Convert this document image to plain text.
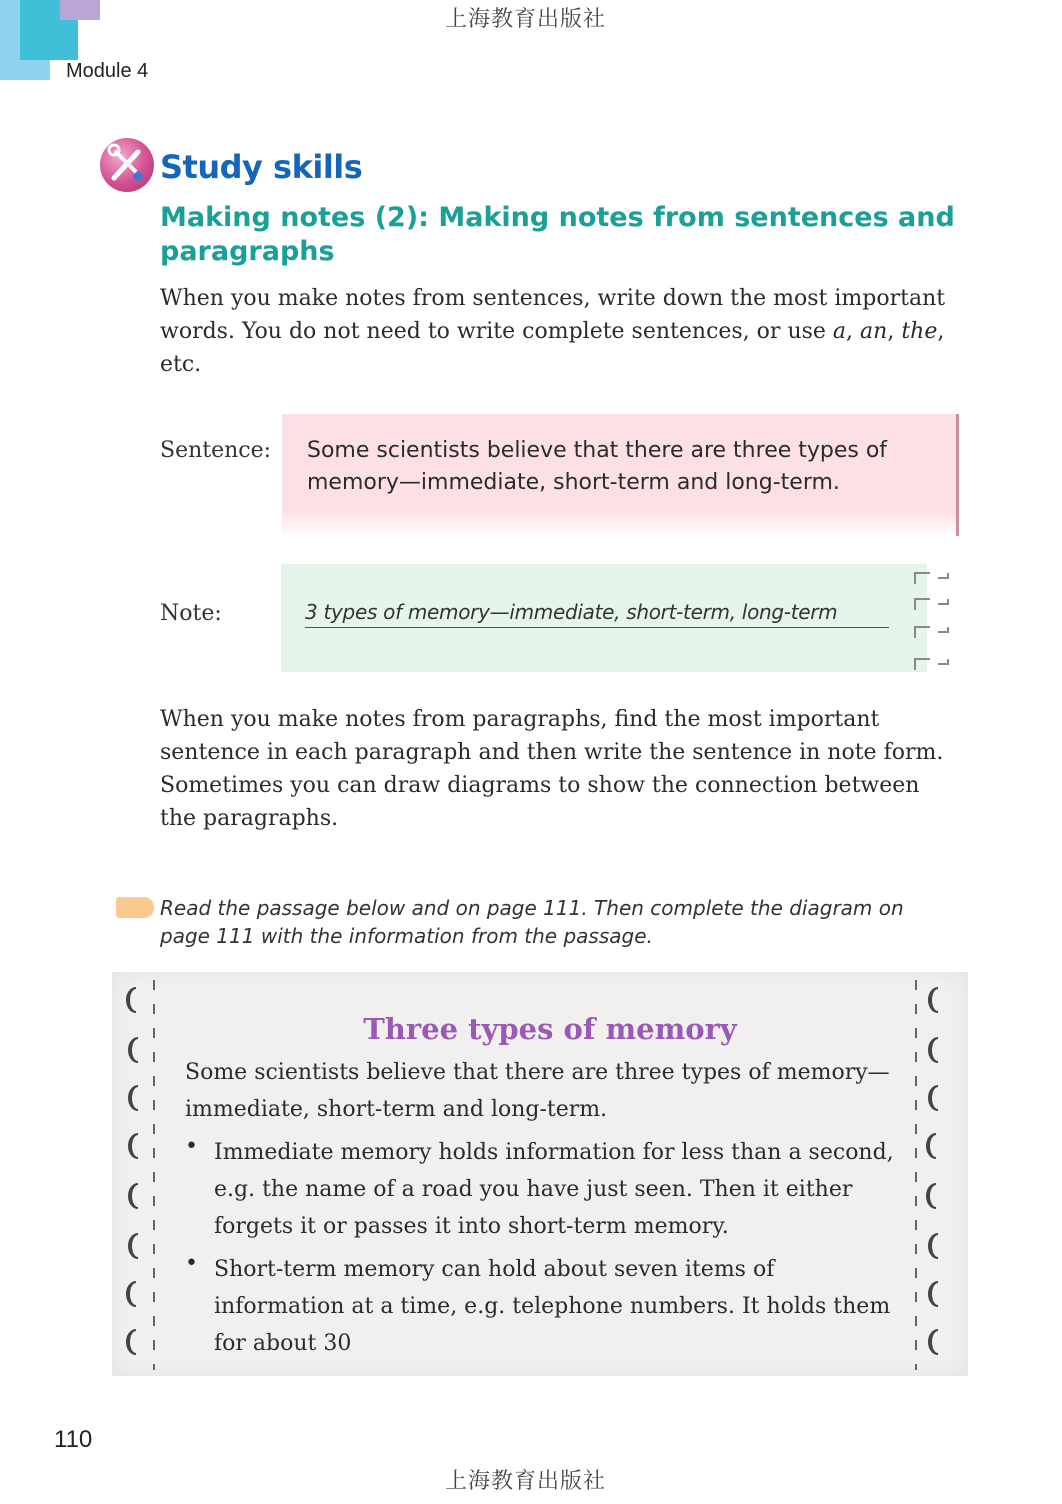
上海教育出版社
Module 4
Study skills
Making notes (2): Making notes from sentences and paragraphs
When you make notes from sentences, write down the most important words. You do not need to write complete sentences, or use a, an, the, etc.
Sentence: Some scientists believe that there are three types of memory—immediate, short-term and long-term.
Note:	3 types of memory—immediate, short-term, long-term
When you make notes from paragraphs, find the most important sentence in each paragraph and then write the sentence in note form. Sometimes you can draw diagrams to show the connection between the paragraphs.
Read the passage below and on page 111. Then complete the diagram on page 111 with the information from the passage.
Three types of memory
Some scientists believe that there are three types of memory—immediate, short-term and long-term.
• Immediate memory holds information for less than a second, e.g. the name of a road you have just seen. Then it either forgets it or passes it into short-term memory.
• Short-term memory can hold about seven items of information at a time, e.g. telephone numbers. It holds them for about 30
110
上海教育出版社
